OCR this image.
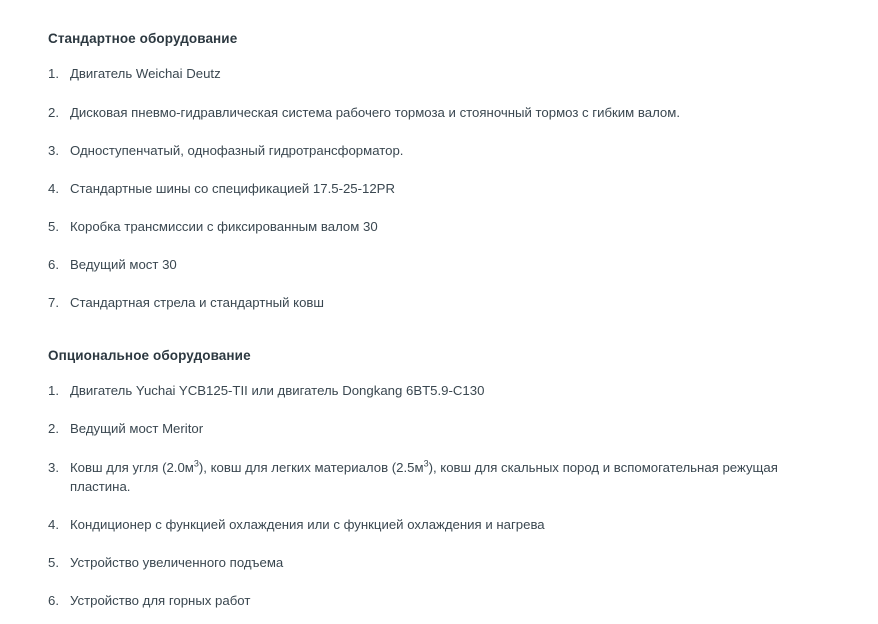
Стандартное оборудование
1. Двигатель Weichai Deutz
2. Дисковая пневмо-гидравлическая система рабочего тормоза и стояночный тормоз с гибким валом.
3. Одноступенчатый, однофазный гидротрансформатор.
4. Стандартные шины со спецификацией 17.5-25-12PR
5. Коробка трансмиссии с фиксированным валом 30
6. Ведущий мост 30
7. Стандартная стрела и стандартный ковш
Опциональное оборудование
1. Двигатель Yuchai YCB125-TII или двигатель Dongkang 6BT5.9-C130
2. Ведущий мост Meritor
3. Ковш для угля $(2.0м^3)$, ковш для легких материалов $(2.5м^3)$, ковш для скальных пород и вспомогательная режущая пластина.
4. Кондиционер с функцией охлаждения или с функцией охлаждения и нагрева
5. Устройство увеличенного подъема
6. Устройство для горных работ
